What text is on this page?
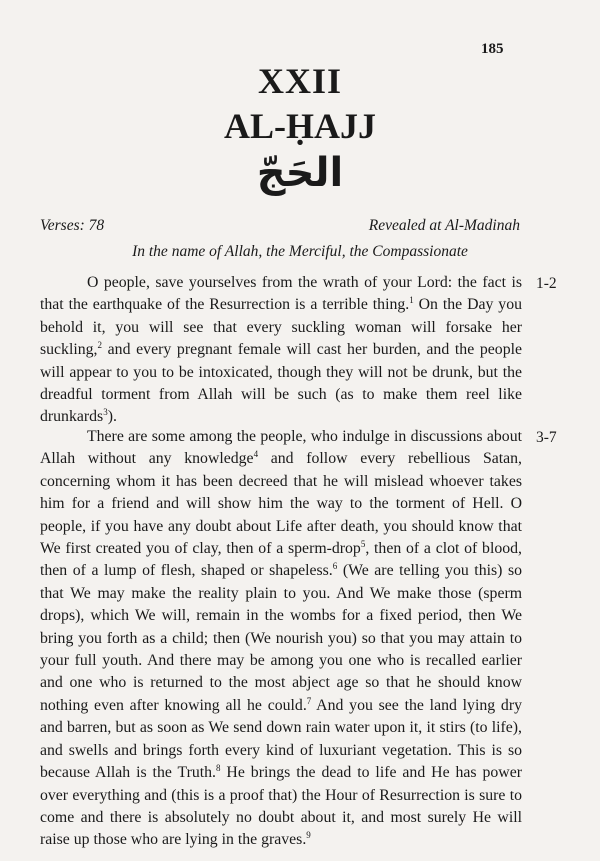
185
XXII
AL-ḤAJJ
الحَجّ
Verses: 78	Revealed at Al-Madinah
In the name of Allah, the Merciful, the Compassionate
O people, save yourselves from the wrath of your Lord: the fact is that the earthquake of the Resurrection is a terrible thing.$^1$ On the Day you behold it, you will see that every suckling woman will forsake her suckling,$^2$ and every pregnant female will cast her burden, and the people will appear to you to be intoxicated, though they will not be drunk, but the dreadful torment from Allah will be such (as to make them reel like drunkards$^3$).
1-2
There are some among the people, who indulge in discussions about Allah without any knowledge$^4$ and follow every rebellious Satan, concerning whom it has been decreed that he will mislead whoever takes him for a friend and will show him the way to the torment of Hell. O people, if you have any doubt about Life after death, you should know that We first created you of clay, then of a sperm-drop$^5$, then of a clot of blood, then of a lump of flesh, shaped or shapeless.$^6$ (We are telling you this) so that We may make the reality plain to you. And We make those (sperm drops), which We will, remain in the wombs for a fixed period, then We bring you forth as a child; then (We nourish you) so that you may attain to your full youth. And there may be among you one who is recalled earlier and one who is returned to the most abject age so that he should know nothing even after knowing all he could.$^7$ And you see the land lying dry and barren, but as soon as We send down rain water upon it, it stirs (to life), and swells and brings forth every kind of luxuriant vegetation. This is so because Allah is the Truth.$^8$ He brings the dead to life and He has power over everything and (this is a proof that) the Hour of Resurrection is sure to come and there is absolutely no doubt about it, and most surely He will raise up those who are lying in the graves.$^9$
3-7
